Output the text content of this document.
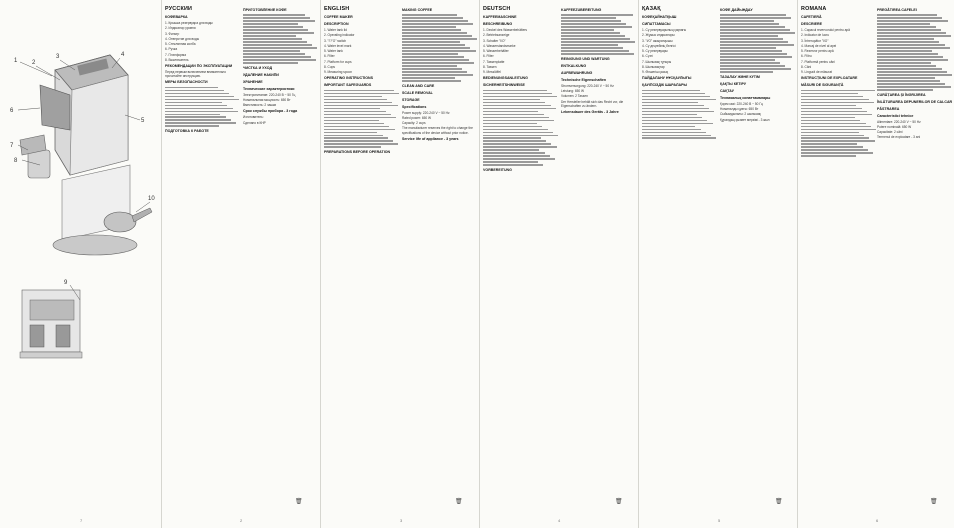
1 2
3	4
5
6
7
8
9
10
РУССКИЙ
КОФЕВАРКА

1. Крышка резервуара для воды

2. Индикатор уровня

3. Фильтр

4. Отверстие для воды

5. Стеклянная колба

6. Ручка

7. Платформа

8. Выключатель

РЕКОМЕНДАЦИИ ПО ЭКСПЛУАТАЦИИ

Перед первым включением внимательно прочитайте инструкцию.

МЕРЫ БЕЗОПАСНОСТИ
ПОДГОТОВКА К РАБОТЕ
ПРИГОТОВЛЕНИЕ КОФЕ
ЧИСТКА И УХОД
УДАЛЕНИЕ НАКИПИ
ХРАНЕНИЕ
Технические характеристики

Электропитание: 220-240 В ~ 50 Гц

Номинальная мощность: 650 Вт

Вместимость: 2 чашки

Срок службы прибора - 3 года

Изготовитель:

Сделано в КНР

ENGLISH
COFFEE MAKER
DESCRIPTION

1. Water tank lid

2. Operating indicator

3. "I"/"O" switch

4. Water level mark

5. Water tank

6. Filter

7. Platform for cups

8. Cups

9. Measuring spoon

OPERATING INSTRUCTIONS
IMPORTANT SAFEGUARDS
PREPARATIONS BEFORE OPERATION
MAKING COFFEE
CLEAN AND CARE
SCALE REMOVAL
STORAGE
Specifications

Power supply: 220-240 V ~ 50 Hz

Rated power: 650 W

Capacity: 2 cups

The manufacturer reserves the right to change the specifications of the device without prior notice.

Service life of appliance - 3 years
DEUTSCH
KAFFEEMASCHINE
BESCHREIBUNG

1. Deckel des Wasserbehälters

2. Betriebsanzeige

3. Schalter "I/O"

4. Wasserstandsmarke

5. Wasserbehälter

6. Filter

7. Tassenplatte

8. Tassen

9. Messlöffel

BEDIENUNGSANLEITUNG
SICHERHEITSHINWEISE
VORBEREITUNG
KAFFEEZUBEREITUNG
REINIGUNG UND WARTUNG
ENTKALKUNG
AUFBEWAHRUNG
Technische Eigenschaften

Stromversorgung: 220-240 V ~ 50 Hz

Leistung: 650 W

Volumen: 2 Tassen

Der Hersteller behält sich das Recht vor, die Eigenschaften zu ändern.

Lebensdauer des Geräts - 3 Jahre
ҚАЗАҚ
КОФЕҚАЙНАТҚЫШ
СИПАТТАМАСЫ

1. Су резервуарының қақпағы

2. Жұмыс индикаторы

3. "I/O" ажыратқышы

4. Су деңгейінің белгісі

5. Су резервуары

6. Сүзгі

7. Шыныаяқ тұғыры

8. Шыныаяқтар

9. Өлшегіш қасық

ПАЙДАЛАНУ НҰСҚАУЛЫҒЫ
ҚАУІПСІЗДІК ШАРАЛАРЫ
КОФЕ ДАЙЫНДАУ
ТАЗАЛАУ ЖӘНЕ КҮТІМ
ҚАҚТЫ КЕТІРУ
САҚТАУ
Техникалық сипаттамалары

Қорек көзі: 220-240 В ~ 50 Гц

Номиналды қуаты: 650 Вт

Сыйымдылығы: 2 шыныаяқ

Құралдың қызмет мерзімі - 3 жыл

ROMÂNĂ
CAFETIERĂ
DESCRIERE

1. Capacul rezervorului pentru apă

2. Indicator de lucru

3. Întrerupător "I/O"

4. Marcaj de nivel al apei

5. Rezervor pentru apă

6. Filtru

7. Platformă pentru căni

8. Căni

9. Lingură de măsurat

INSTRUCȚIUNI DE EXPLOATARE
MĂSURI DE SIGURANȚĂ
PREGĂTIREA CAFELEI
CURĂȚAREA ȘI ÎNGRIJIREA
ÎNLĂTURAREA DEPUNERILOR DE CALCAR
PĂSTRAREA
Caracteristici tehnice

Alimentare: 220-240 V ~ 50 Hz

Putere nominală: 650 W

Capacitate: 2 căni

Termenul de exploatare - 3 ani

🗑	🗑	🗑	🗑	🗑
2	3	4	5	6
7
